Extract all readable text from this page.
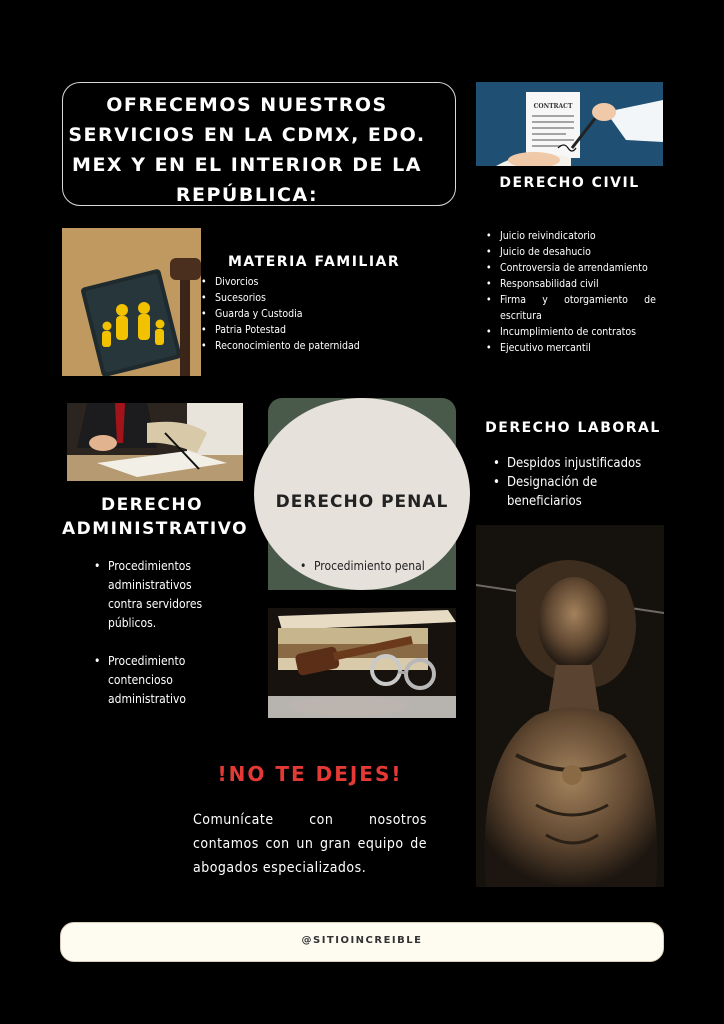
OFRECEMOS NUESTROS SERVICIOS EN LA CDMX, EDO. MEX Y EN EL INTERIOR DE LA REPÚBLICA:
CONTRACT
DERECHO CIVIL
• Juicio reivindicatorio
• Juicio de desahucio
• Controversia de arrendamiento
• Responsabilidad civil
• Firma y otorgamiento de escritura
• Incumplimiento de contratos
• Ejecutivo mercantil
MATERIA FAMILIAR
• Divorcios
• Sucesorios
• Guarda y Custodia
• Patria Potestad
• Reconocimiento de paternidad
DERECHO
ADMINISTRATIVO
• Procedimientos administrativos contra servidores públicos.
• Procedimiento contencioso administrativo
DERECHO PENAL
• Procedimiento penal
DERECHO LABORAL
• Despidos injustificados
• Designación de beneficiarios
!NO TE DEJES!
Comunícate con nosotros contamos con un gran equipo de abogados especializados.
@SITIOINCREIBLE
